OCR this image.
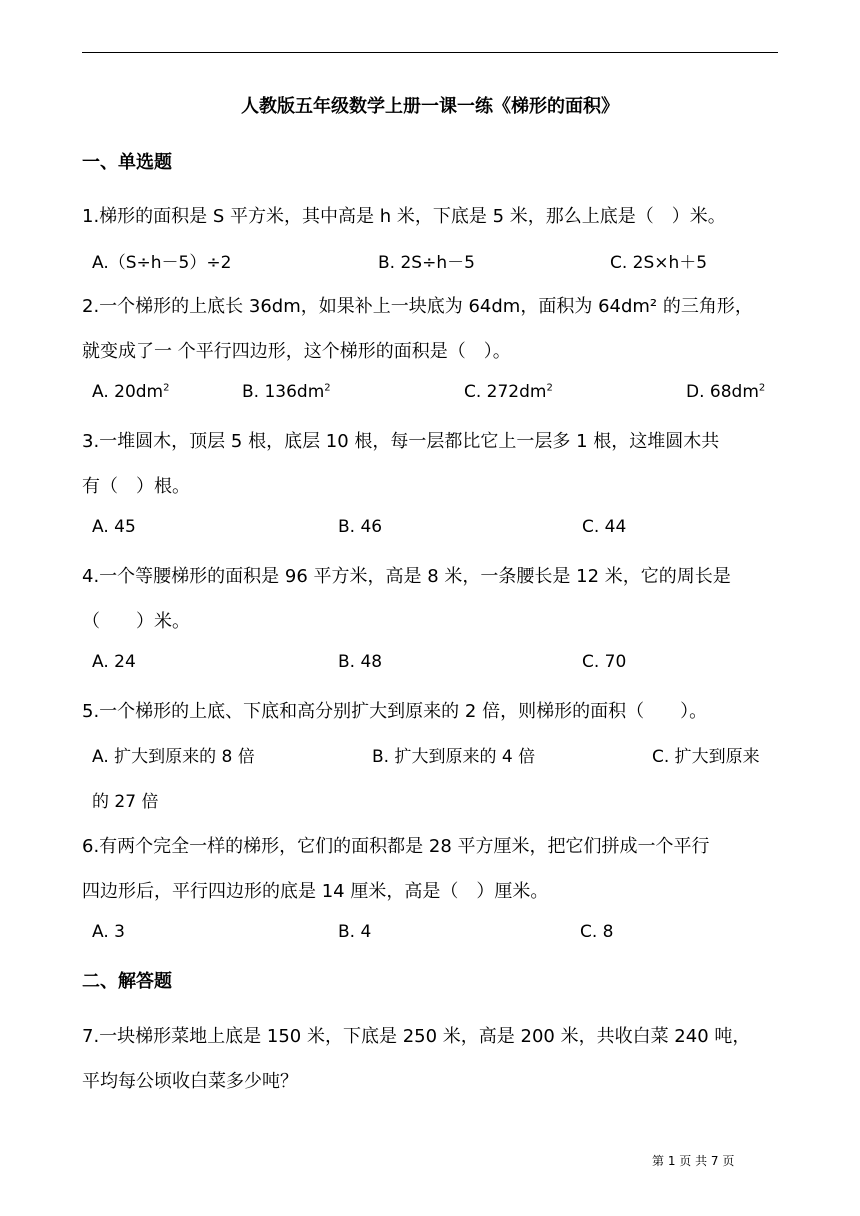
人教版五年级数学上册一课一练《梯形的面积》
一、单选题
1.梯形的面积是 S 平方米，其中高是 h 米，下底是 5 米，那么上底是（　）米。
A.（S÷h－5）÷2	B. 2S÷h－5	C. 2S×h＋5
2.一个梯形的上底长 36dm，如果补上一块底为 64dm，面积为 64dm² 的三角形，
就变成了一 个平行四边形，这个梯形的面积是（　）。
A. $20dm^2$	B. $136dm^2$	C. $272dm^2$	D. $68dm^2$
3.一堆圆木，顶层 5 根，底层 10 根，每一层都比它上一层多 1 根，这堆圆木共
有（　）根。
A. 45	B. 46	C. 44
4.一个等腰梯形的面积是 96 平方米，高是 8 米，一条腰长是 12 米，它的周长是
（　　）米。
A. 24	B. 48	C. 70
5.一个梯形的上底、下底和高分别扩大到原来的 2 倍，则梯形的面积（　　）。
A. 扩大到原来的 8 倍	B. 扩大到原来的 4 倍	C. 扩大到原来
的 27 倍
6.有两个完全一样的梯形，它们的面积都是 28 平方厘米，把它们拼成一个平行
四边形后，平行四边形的底是 14 厘米，高是（　）厘米。
A. 3	B. 4	C. 8
二、解答题
7.一块梯形菜地上底是 150 米，下底是 250 米，高是 200 米，共收白菜 240 吨，
平均每公顷收白菜多少吨？
第 1 页 共 7 页
